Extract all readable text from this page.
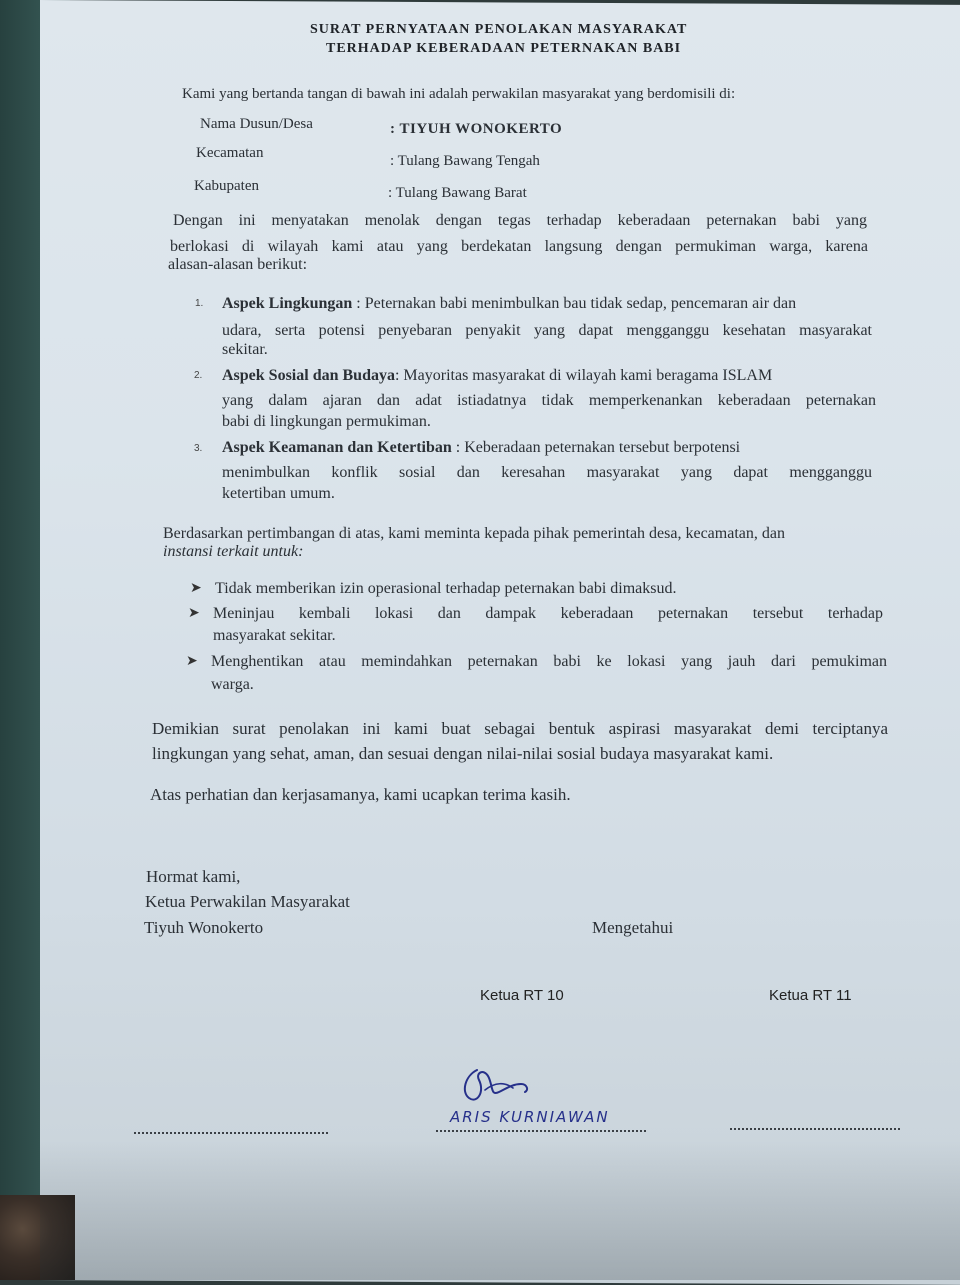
SURAT PERNYATAAN PENOLAKAN MASYARAKAT
TERHADAP KEBERADAAN PETERNAKAN BABI
Kami yang bertanda tangan di bawah ini adalah perwakilan masyarakat yang berdomisili di:
Nama Dusun/Desa	: TIYUH WONOKERTO
Kecamatan	: Tulang Bawang Tengah
Kabupaten	: Tulang Bawang Barat
Dengan ini menyatakan menolak dengan tegas terhadap keberadaan peternakan babi yang
berlokasi di wilayah kami atau yang berdekatan langsung dengan permukiman warga, karena
alasan-alasan berikut:
1. Aspek Lingkungan : Peternakan babi menimbulkan bau tidak sedap, pencemaran air dan
udara, serta potensi penyebaran penyakit yang dapat mengganggu kesehatan masyarakat
sekitar.
2. Aspek Sosial dan Budaya: Mayoritas masyarakat di wilayah kami beragama ISLAM
yang dalam ajaran dan adat istiadatnya tidak memperkenankan keberadaan peternakan
babi di lingkungan permukiman.
3. Aspek Keamanan dan Ketertiban : Keberadaan peternakan tersebut berpotensi
menimbulkan konflik sosial dan keresahan masyarakat yang dapat mengganggu
ketertiban umum.
Berdasarkan pertimbangan di atas, kami meminta kepada pihak pemerintah desa, kecamatan, dan
instansi terkait untuk:
➤ Tidak memberikan izin operasional terhadap peternakan babi dimaksud.
➤ Meninjau kembali lokasi dan dampak keberadaan peternakan tersebut terhadap
masyarakat sekitar.
➤ Menghentikan atau memindahkan peternakan babi ke lokasi yang jauh dari pemukiman
warga.
Demikian surat penolakan ini kami buat sebagai bentuk aspirasi masyarakat demi terciptanya
lingkungan yang sehat, aman, dan sesuai dengan nilai-nilai sosial budaya masyarakat kami.
Atas perhatian dan kerjasamanya, kami ucapkan terima kasih.
Hormat kami,
Ketua Perwakilan Masyarakat
Tiyuh Wonokerto	Mengetahui
Ketua RT 10	Ketua RT 11
ARIS KURNIAWAN
